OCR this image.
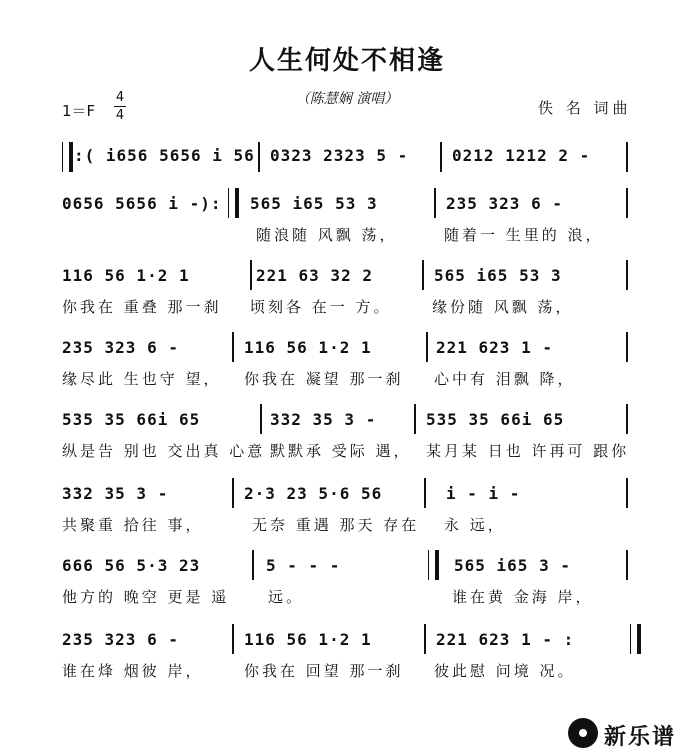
人生何处不相逢
（陈慧娴 演唱）
1＝F
4
4	佚 名 词曲
:( i656 5656 i 56 0323 2323 5 -	0212 1212 2 -
0656 5656 i -): 565 i65 53 3	235 323 6 -
随浪随 风飘 荡，	随着一 生里的 浪，
116 56 1·2 1	221 63 32 2	565 i65 53 3
你我在 重叠 那一刹 顷刻各 在一 方。	缘份随 风飘 荡，
235 323 6 -	116 56 1·2 1	221 623 1 -
缘尽此 生也守 望， 你我在 凝望 那一刹 心中有 泪飘 降，
535 35 66i 65	332 35 3 -	535 35 66i 65
纵是告 别也 交出真 心意 默默承 受际 遇， 某月某 日也 许再可 跟你
332 35 3 -	2·3 23 5·6 56	i - i -
共聚重 拾往 事，	无奈 重遇 那天 存在 永 远，
666 56 5·3 23	5 - - -	565 i65 3 -
他方的 晚空 更是 遥	远。	谁在黄 金海 岸，
235 323 6 -	116 56 1·2 1	221 623 1 - :
谁在烽 烟彼 岸，	你我在 回望 那一刹 彼此慰 问境 况。
新乐谱
